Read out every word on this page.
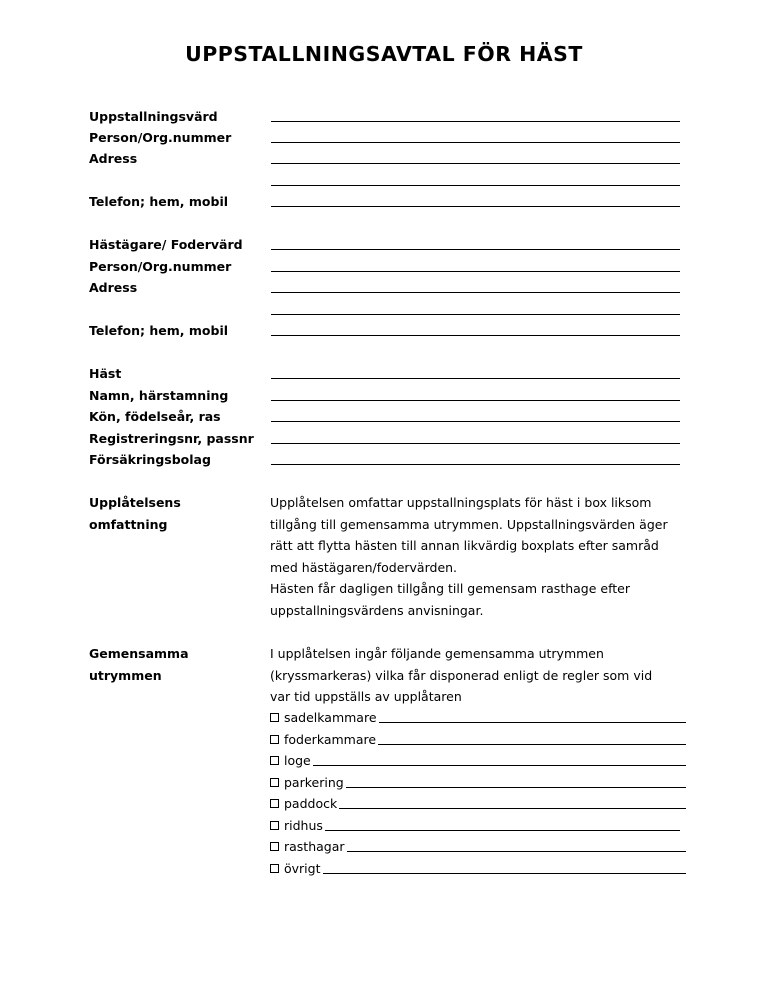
UPPSTALLNINGSAVTAL FÖR HÄST
Uppstallningsvärd
Person/Org.nummer
Adress
Telefon; hem, mobil
Hästägare/ Fodervärd
Person/Org.nummer
Adress
Telefon; hem, mobil
Häst
Namn, härstamning
Kön, födelseår, ras
Registreringsnr, passnr
Försäkringsbolag
Upplåtelsens
omfattning
Upplåtelsen omfattar uppstallningsplats för häst i box liksom
tillgång till gemensamma utrymmen. Uppstallningsvärden äger
rätt att flytta hästen till annan likvärdig boxplats efter samråd
med hästägaren/fodervärden.
Hästen får dagligen tillgång till gemensam rasthage efter
uppstallningsvärdens anvisningar.
Gemensamma
utrymmen
I upplåtelsen ingår följande gemensamma utrymmen
(kryssmarkeras) vilka får disponerad enligt de regler som vid
var tid uppställs av upplåtaren
sadelkammare
foderkammare
loge
parkering
paddock
ridhus
rasthagar
övrigt
